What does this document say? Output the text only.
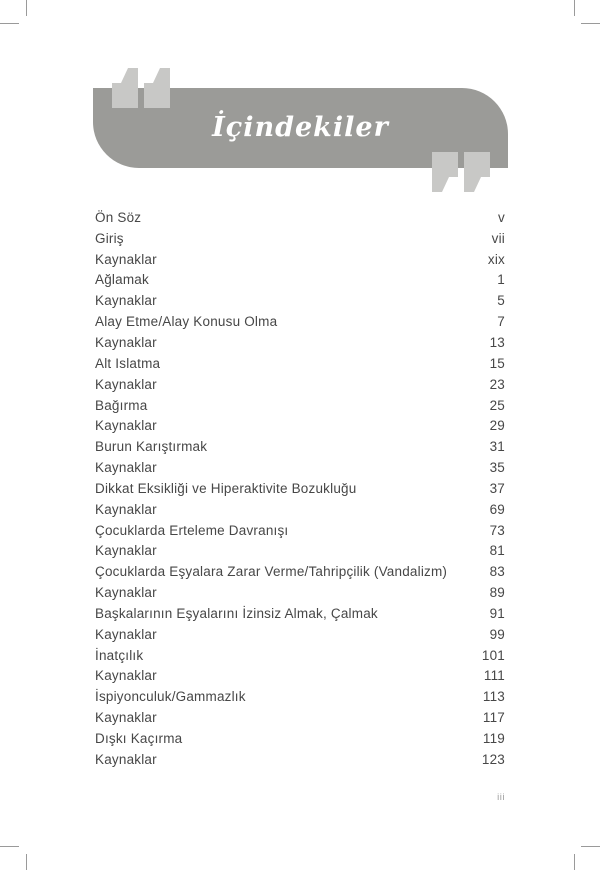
İçindekiler
Ön Söz	v
Giriş	vii
Kaynaklar	xix
Ağlamak	1
Kaynaklar	5
Alay Etme/Alay Konusu Olma	7
Kaynaklar	13
Alt Islatma	15
Kaynaklar	23
Bağırma	25
Kaynaklar	29
Burun Karıştırmak	31
Kaynaklar	35
Dikkat Eksikliği ve Hiperaktivite Bozukluğu	37
Kaynaklar	69
Çocuklarda Erteleme Davranışı	73
Kaynaklar	81
Çocuklarda Eşyalara Zarar Verme/Tahripçilik (Vandalizm)	83
Kaynaklar	89
Başkalarının Eşyalarını İzinsiz Almak, Çalmak	91
Kaynaklar	99
İnatçılık	101
Kaynaklar	111
İspiyonculuk/Gammazlık	113
Kaynaklar	117
Dışkı Kaçırma	119
Kaynaklar	123
iii
